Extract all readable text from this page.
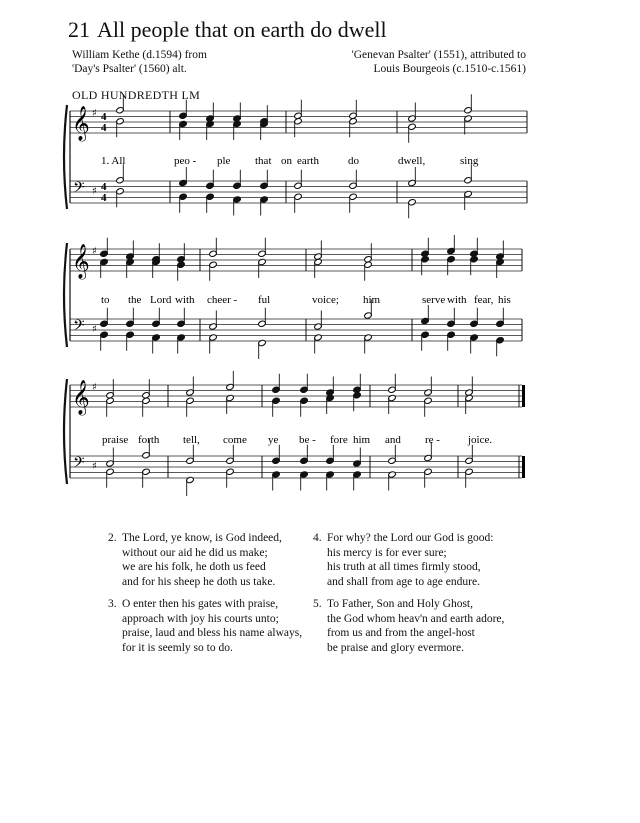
21 All people that on earth do dwell
William Kethe (d.1594) from
'Day's Psalter' (1560) alt.
'Genevan Psalter' (1551), attributed to
Louis Bourgeois (c.1510-c.1561)
OLD HUNDREDTH LM
𝄞
𝄢
♯
♯
4
4
4
4
1. All	peo - ple that on earth	do	dwell,	sing
𝄞
𝄢
♯
♯
to the Lord with cheer - ful	voice; him	serve with fear, his
𝄞
𝄢
♯
♯
praise forth tell, come ye be - fore him and re -	joice.
2. The Lord, ye know, is God indeed,
without our aid he did us make;
we are his folk, he doth us feed
and for his sheep he doth us take.
3. O enter then his gates with praise,
approach with joy his courts unto;
praise, laud and bless his name always,
for it is seemly so to do.
4. For why? the Lord our God is good:
his mercy is for ever sure;
his truth at all times firmly stood,
and shall from age to age endure.
5. To Father, Son and Holy Ghost,
the God whom heav'n and earth adore,
from us and from the angel-host
be praise and glory evermore.
